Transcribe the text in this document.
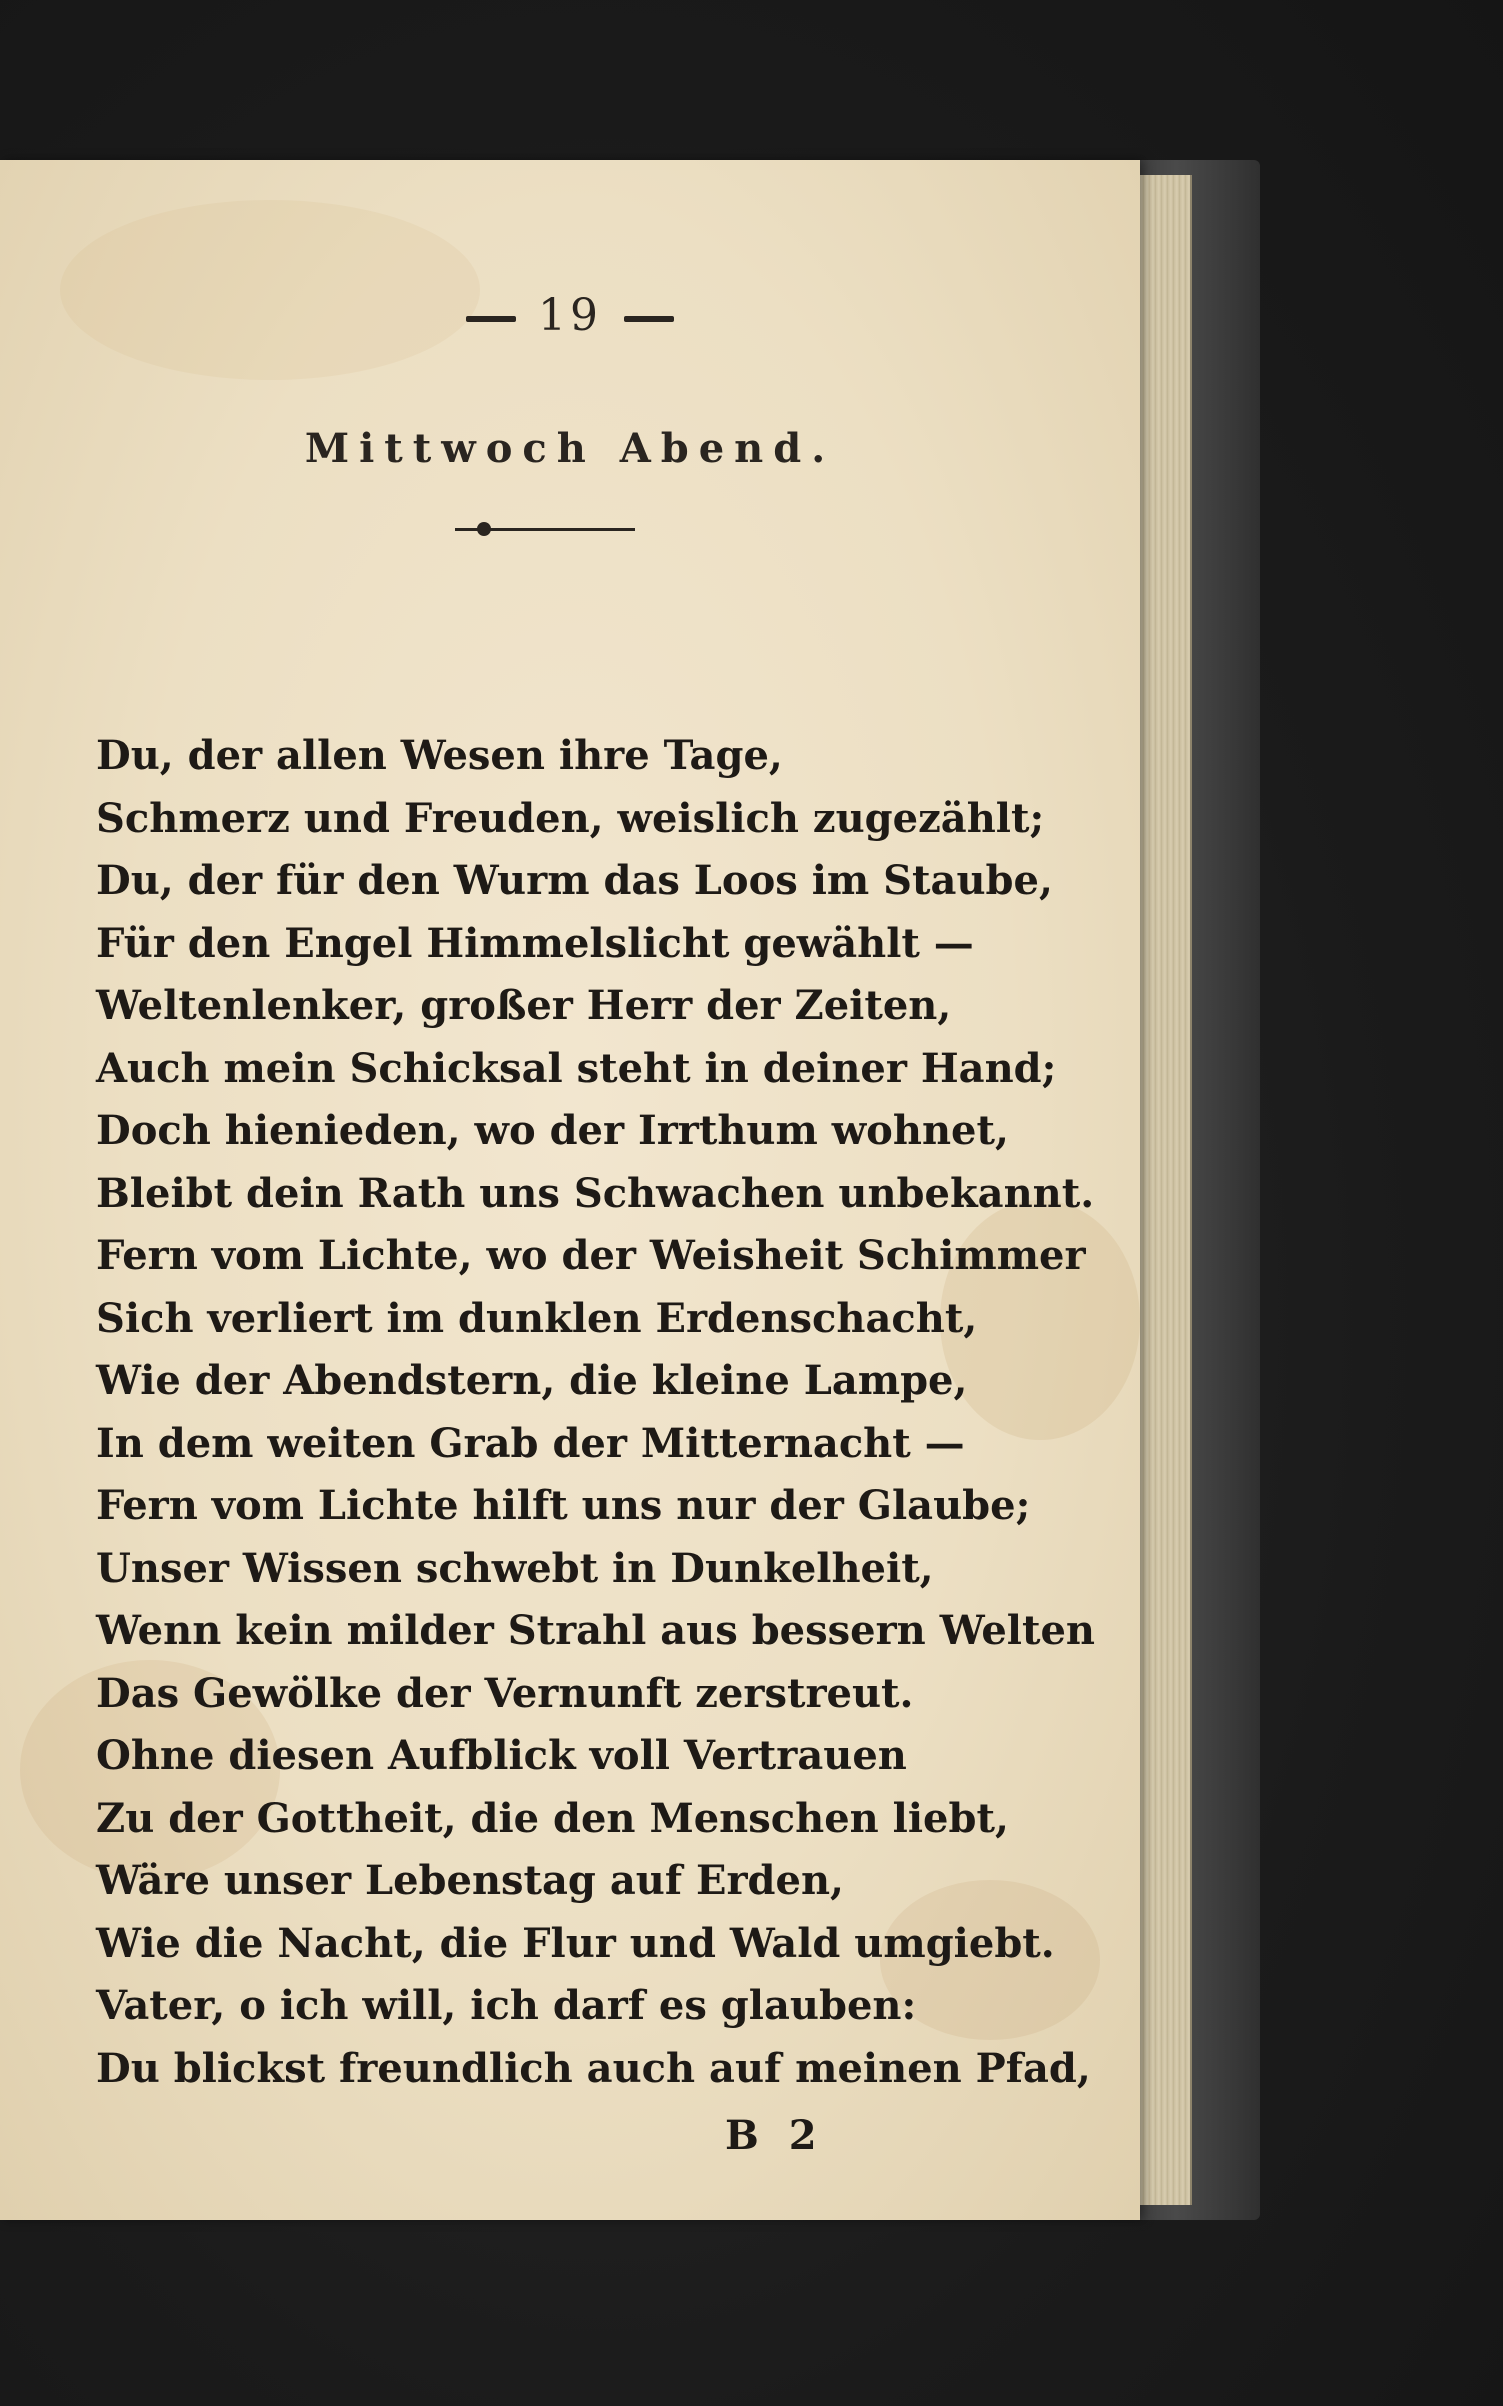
19
Mittwoch Abend.
Du, der allen Wesen ihre Tage,
Schmerz und Freuden, weislich zugezählt;
Du, der für den Wurm das Loos im Staube,
Für den Engel Himmelslicht gewählt —
Weltenlenker, großer Herr der Zeiten,
Auch mein Schicksal steht in deiner Hand;
Doch hienieden, wo der Irrthum wohnet,
Bleibt dein Rath uns Schwachen unbekannt.
Fern vom Lichte, wo der Weisheit Schimmer
Sich verliert im dunklen Erdenschacht,
Wie der Abendstern, die kleine Lampe,
In dem weiten Grab der Mitternacht —
Fern vom Lichte hilft uns nur der Glaube;
Unser Wissen schwebt in Dunkelheit,
Wenn kein milder Strahl aus bessern Welten
Das Gewölke der Vernunft zerstreut.
Ohne diesen Aufblick voll Vertrauen
Zu der Gottheit, die den Menschen liebt,
Wäre unser Lebenstag auf Erden,
Wie die Nacht, die Flur und Wald umgiebt.
Vater, o ich will, ich darf es glauben:
Du blickst freundlich auch auf meinen Pfad,
B 2
